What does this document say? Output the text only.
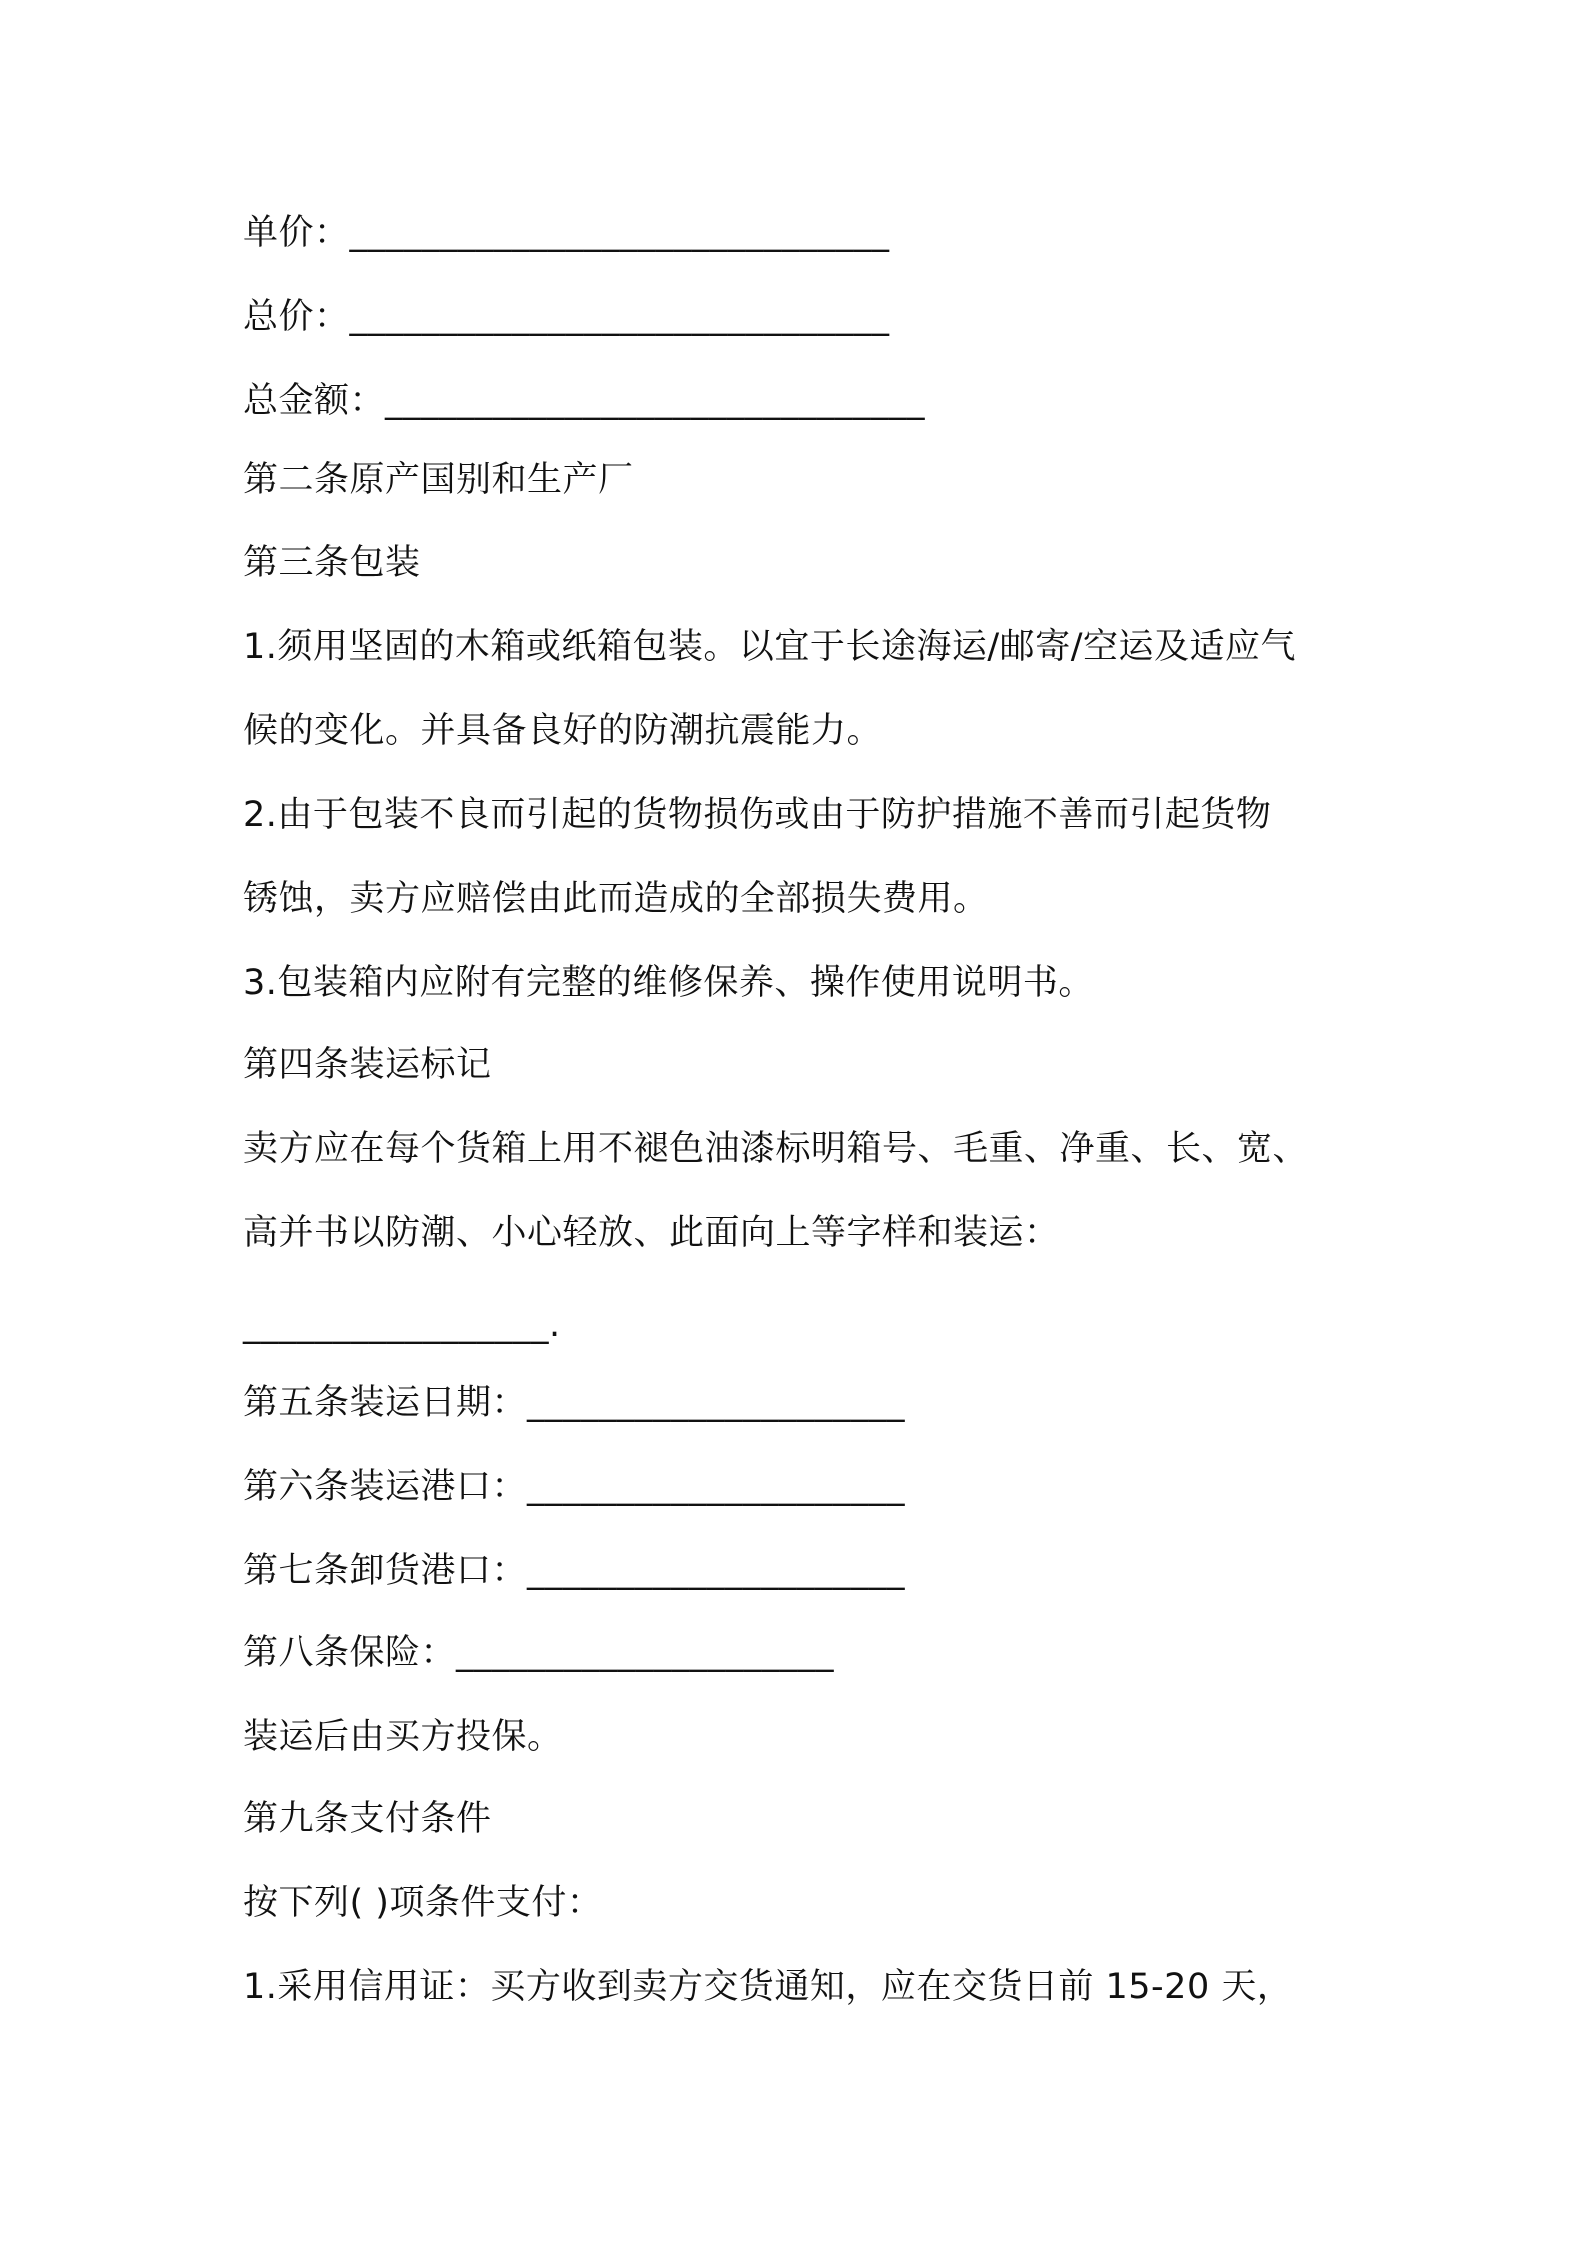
单价：______________________________
总价：______________________________
总金额：______________________________
第二条原产国别和生产厂
第三条包装
1.须用坚固的木箱或纸箱包装。以宜于长途海运/邮寄/空运及适应气
候的变化。并具备良好的防潮抗震能力。
2.由于包装不良而引起的货物损伤或由于防护措施不善而引起货物
锈蚀，卖方应赔偿由此而造成的全部损失费用。
3.包装箱内应附有完整的维修保养、操作使用说明书。
第四条装运标记
卖方应在每个货箱上用不褪色油漆标明箱号、毛重、净重、长、宽、
高并书以防潮、小心轻放、此面向上等字样和装运：
_________________.
第五条装运日期：_____________________
第六条装运港口：_____________________
第七条卸货港口：_____________________
第八条保险：_____________________
装运后由买方投保。
第九条支付条件
按下列( )项条件支付：
1.采用信用证：买方收到卖方交货通知，应在交货日前 15-20 天，
